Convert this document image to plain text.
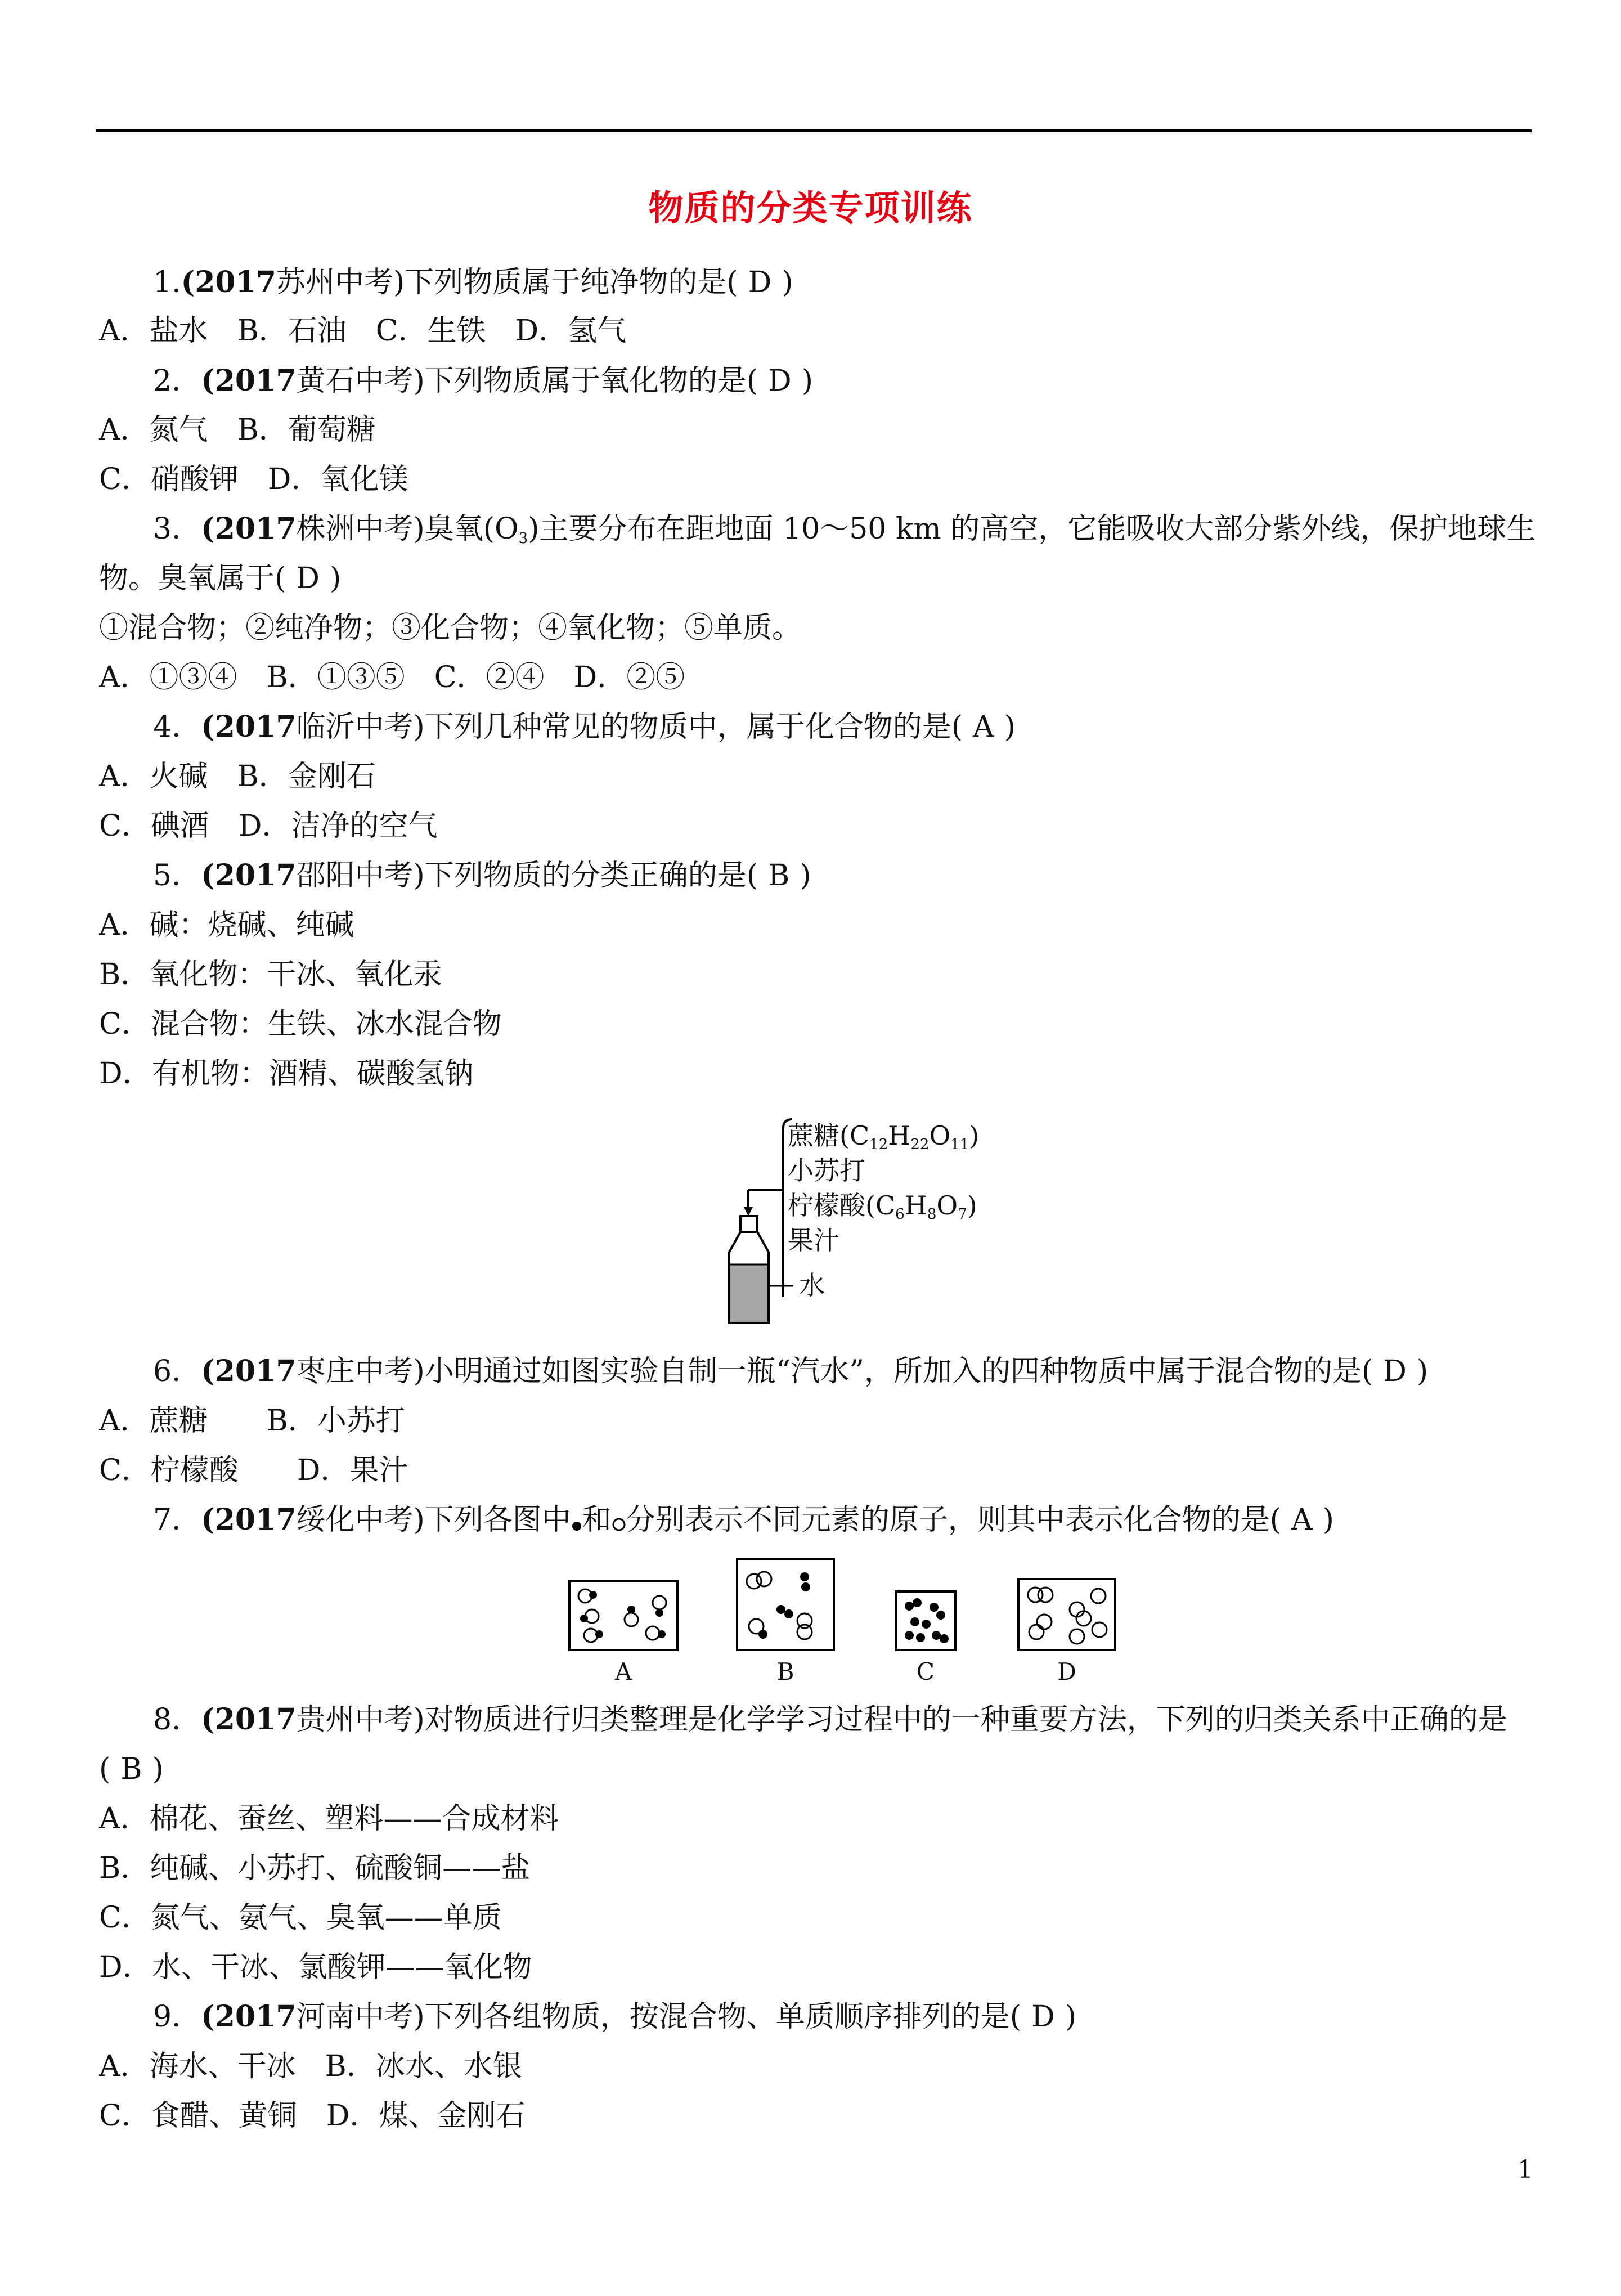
物质的分类专项训练
1.(2017苏州中考)下列物质属于纯净物的是( D )
A．盐水　B．石油　C．生铁　D．氢气
2．(2017黄石中考)下列物质属于氧化物的是( D )
A．氮气　B．葡萄糖
C．硝酸钾　D．氧化镁
3．(2017株洲中考)臭氧$(O_3)$主要分布在距地面 10～50 km 的高空，它能吸收大部分紫外线，保护地球生
物。臭氧属于( D )
①混合物；②纯净物；③化合物；④氧化物；⑤单质。
A．①③④　B．①③⑤　C．②④　D．②⑤
4．(2017临沂中考)下列几种常见的物质中，属于化合物的是( A )
A．火碱　B．金刚石
C．碘酒　D．洁净的空气
5．(2017邵阳中考)下列物质的分类正确的是( B )
A．碱：烧碱、纯碱
B．氧化物：干冰、氧化汞
C．混合物：生铁、冰水混合物
D．有机物：酒精、碳酸氢钠
蔗糖$(C_{12}H_{22}O_{11})$
小苏打
柠檬酸$(C_6H_8O_7)$
果汁
水
6．(2017枣庄中考)小明通过如图实验自制一瓶“汽水”，所加入的四种物质中属于混合物的是( D )
A．蔗糖　　B．小苏打
C．柠檬酸　　D．果汁
7．(2017绥化中考)下列各图中 和 分别表示不同元素的原子，则其中表示化合物的是( A )
A	B	C	D
8．(2017贵州中考)对物质进行归类整理是化学学习过程中的一种重要方法，下列的归类关系中正确的是
( B )
A．棉花、蚕丝、塑料——合成材料
B．纯碱、小苏打、硫酸铜——盐
C．氮气、氨气、臭氧——单质
D．水、干冰、氯酸钾——氧化物
9．(2017河南中考)下列各组物质，按混合物、单质顺序排列的是( D )
A．海水、干冰　B．冰水、水银
C．食醋、黄铜　D．煤、金刚石
1
